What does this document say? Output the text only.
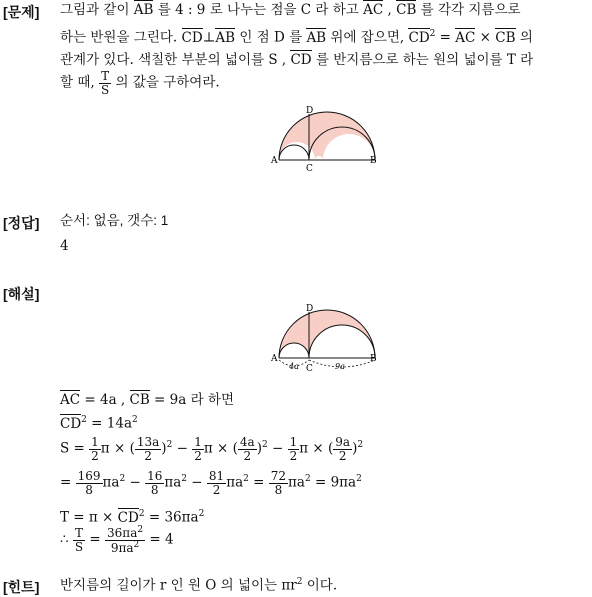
[문제] 그림과 같이 AB 를 4 : 9 로 나누는 점을 C 라 하고 AC , CB 를 각각 지름으로
하는 반원을 그린다. CD⊥AB 인 점 D 를 AB 위에 잡으면, $CD^2$ = AC × CB 의
관계가 있다. 색칠한 부분의 넓이를 S , CD 를 반지름으로 하는 원의 넓이를 T 라
할 때, $\frac{T}{S}$ 의 값을 구하여라.
A	B
C
D
[정답] 순서: 없음, 갯수: 1
4
[해설]
A	B
C
D
4a	9a
AC = 4a , CB = 9a 라 하면
$CD^2 = 14a^2$
$S = \frac{1}{2}$ π × ( $\frac{13a}{2} )^2 - \frac{1}{2}$ π × ( $\frac{4a}{2} )^2 - \frac{1}{2}$ π × ( $\frac{9a}{2} )^2$
= $\frac{169}{8} \pi a^2 - \frac{16}{8} \pi a^2 - \frac{81}{2} \pi a^2 = \frac{72}{8} \pi a^2 = 9\pi a^2$
$T = \pi \times CD^2 = 36\pi a^2$
∴ $\frac{T}{S} = \frac{36\pi a^2}{9\pi a^2} = 4$
[힌트] 반지름의 길이가 r 인 원 O 의 넓이는 $\pi r^2$ 이다.
